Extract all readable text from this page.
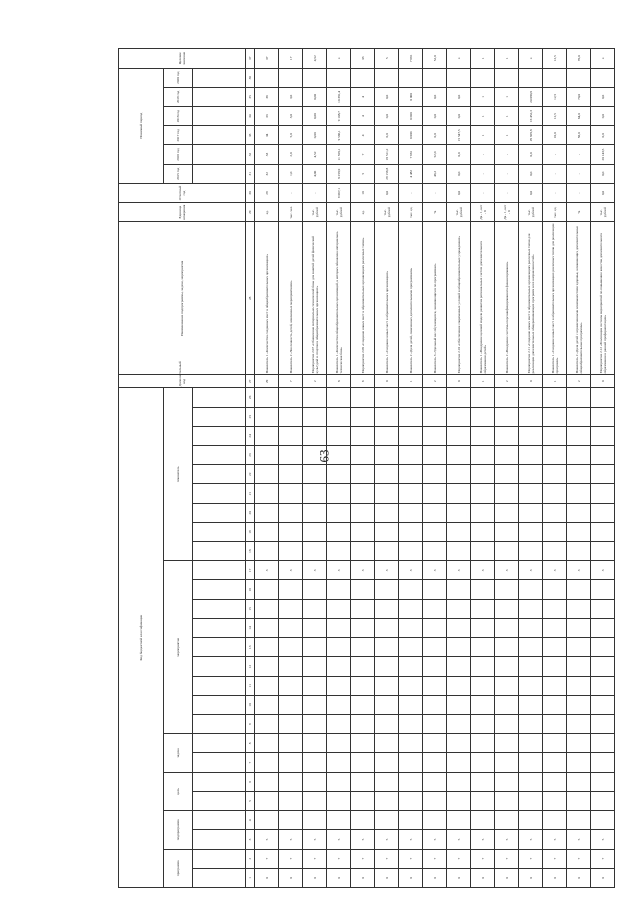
63
Код бюджетной классификации																										Дополнительный код	Наименование подпрограммы, задачи, мероприятия	Единица измерения	Отчетный год	Плановый период						Целевое значение
программа		подпрограмма		цель		задача		мероприятие									показатель													2015 год	2016 год	2017 год	2018 год	2019 год	2020 год	

1	2	3	4	5	6	7	8	9	10	11	12	13	14	15	16	17	18	19	20	21	22	23	24	25	26	27	28	29	30	31	32	33	34	35	36	37
0	7	5														3										29	Показатель 1 «Количество созданных мест в общеобразовательных организациях»	ед.	29	32	33	34	33	36		37
0	7	5														3										7	Показатель 2 «Численность детей, охваченных мероприятиями»	тыс. чел.	-	1,0	2,0	5,0	3,0	3,0		17
0	7	5														3										2	Мероприятие 2.07 «Обновление материально-технической базы для занятий детей физической культурой и спортом в общеобразовательных организациях»	тыс. рублей	-	4,00	4,52	0,00	0,00	0,00		4,52
0	7	5														3										8	Показатель 1 «Количество общеобразовательных организаций, в которых обновлена материально-техническая база»	тыс. рублей	9 067,1	8 258,9	11 558,1	9 566,1	9 108,7	10 381,4		х
0	7	5														3										6	Мероприятие 2.09 «Создание новых мест в образовательных организациях различных типов»	ед.	10	5	7	4	4	4		33
0	7	5														3										0	Показатель 1 «Создание новых мест в образовательных организациях»	тыс. рублей	0,0	29 156,8	18 511,2	0,0	0,0	0,0		5
0	7	5														3										1	Показатель 2 «Доля детей, охваченных дополнительными программами»	тыс. ед.	-	4 482	7 661	0 000	0 000	0 000		7 661
0	7	5														3										2	Показатель 3 «Удельный вес обучающихся, занимающихся по программам»	%	-	46,2	52,0	0,0	0,0	0,0		52,0
0	7	5														3										0	Мероприятие 2.10 «Обеспечение современных условий в общеобразовательных учреждениях»	тыс. рублей	0,0	0,0	0,0	15 547,5	0,0	0,0		х
0	7	5														3										1	Показатель 1 «Внедрение целевой модели развития региональных систем дополнительного образования детей»	Да - 1, нет - 0	-	-	-	1	1	1		1
0	7	5														3										2	Показатель 2 «Внедрение системы персонифицированного финансирования»	Да - 1, нет - 0	-	-	-	1	1	1		1
0	7	5														3										0	Мероприятие 2.11 «Создание новых мест в образовательных организациях различных типов для реализации дополнительных общеразвивающих программ всех направленностей»	тыс. рублей	0,0	0,0	0,0	29 829,8	16 452,3	24 080,9		х
0	7	5														3										1	Показатель 1 «Создание новых мест в образовательных организациях различных типов для реализации программ»	тыс. ед.	-	-	-	10,0	12,5	12,5		12,5
0	7	5														3										2	Показатель 2 «Доля детей с ограниченными возможностями здоровья, осваивающих дополнительные общеобразовательные программы»	%	-	-	-	58,0	64,0	70,0		70,0
0	7	5														3										0	Мероприятие 2.12 «Реализация системы мероприятий по повышению качества дополнительного образования и ранней профориентации»	тыс. рублей	0,0	0,0	20 143,5	0,0	0,0	0,0		х
